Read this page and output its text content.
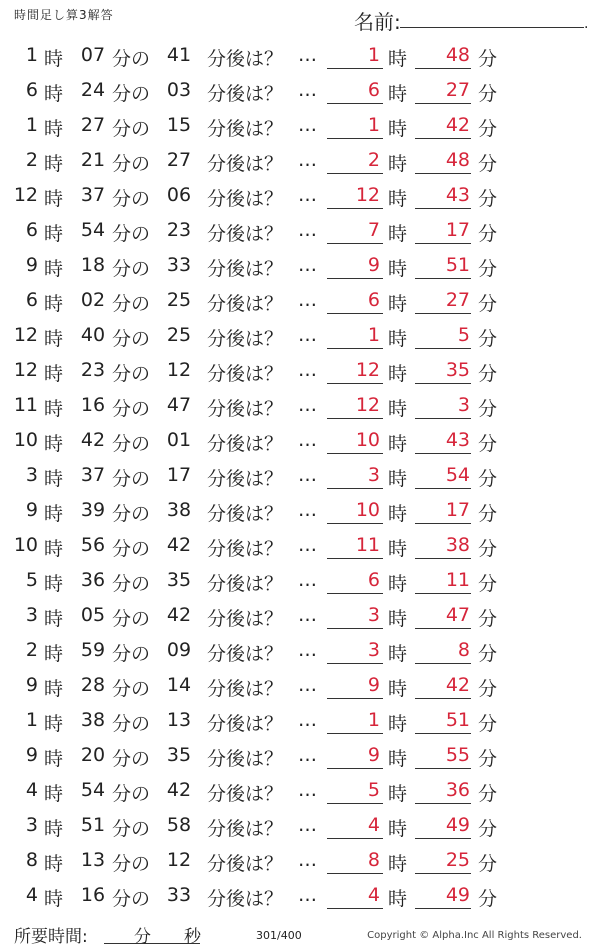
時間足し算3解答	名前:	.
1 時 07 分の 41 分後は？ …	1 時 48 分
6 時 24 分の 03 分後は？ …	6 時 27 分
1 時 27 分の 15 分後は？ …	1 時 42 分
2 時 21 分の 27 分後は？ …	2 時 48 分
12 時 37 分の 06 分後は？ … 12 時 43 分
6 時 54 分の 23 分後は？ …	7 時 17 分
9 時 18 分の 33 分後は？ …	9 時 51 分
6 時 02 分の 25 分後は？ …	6 時 27 分
12 時 40 分の 25 分後は？ …	1 時	5 分
12 時 23 分の 12 分後は？ … 12 時 35 分
11 時 16 分の 47 分後は？ … 12 時	3 分
10 時 42 分の 01 分後は？ … 10 時 43 分
3 時 37 分の 17 分後は？ …	3 時 54 分
9 時 39 分の 38 分後は？ … 10 時 17 分
10 時 56 分の 42 分後は？ … 11 時 38 分
5 時 36 分の 35 分後は？ …	6 時 11 分
3 時 05 分の 42 分後は？ …	3 時 47 分
2 時 59 分の 09 分後は？ …	3 時	8 分
9 時 28 分の 14 分後は？ …	9 時 42 分
1 時 38 分の 13 分後は？ …	1 時 51 分
9 時 20 分の 35 分後は？ …	9 時 55 分
4 時 54 分の 42 分後は？ …	5 時 36 分
3 時 51 分の 58 分後は？ …	4 時 49 分
8 時 13 分の 12 分後は？ …	8 時 25 分
4 時 16 分の 33 分後は？ …	4 時 49 分
所要時間:	分 秒	301/400	Copyright © Alpha.Inc All Rights Reserved.
